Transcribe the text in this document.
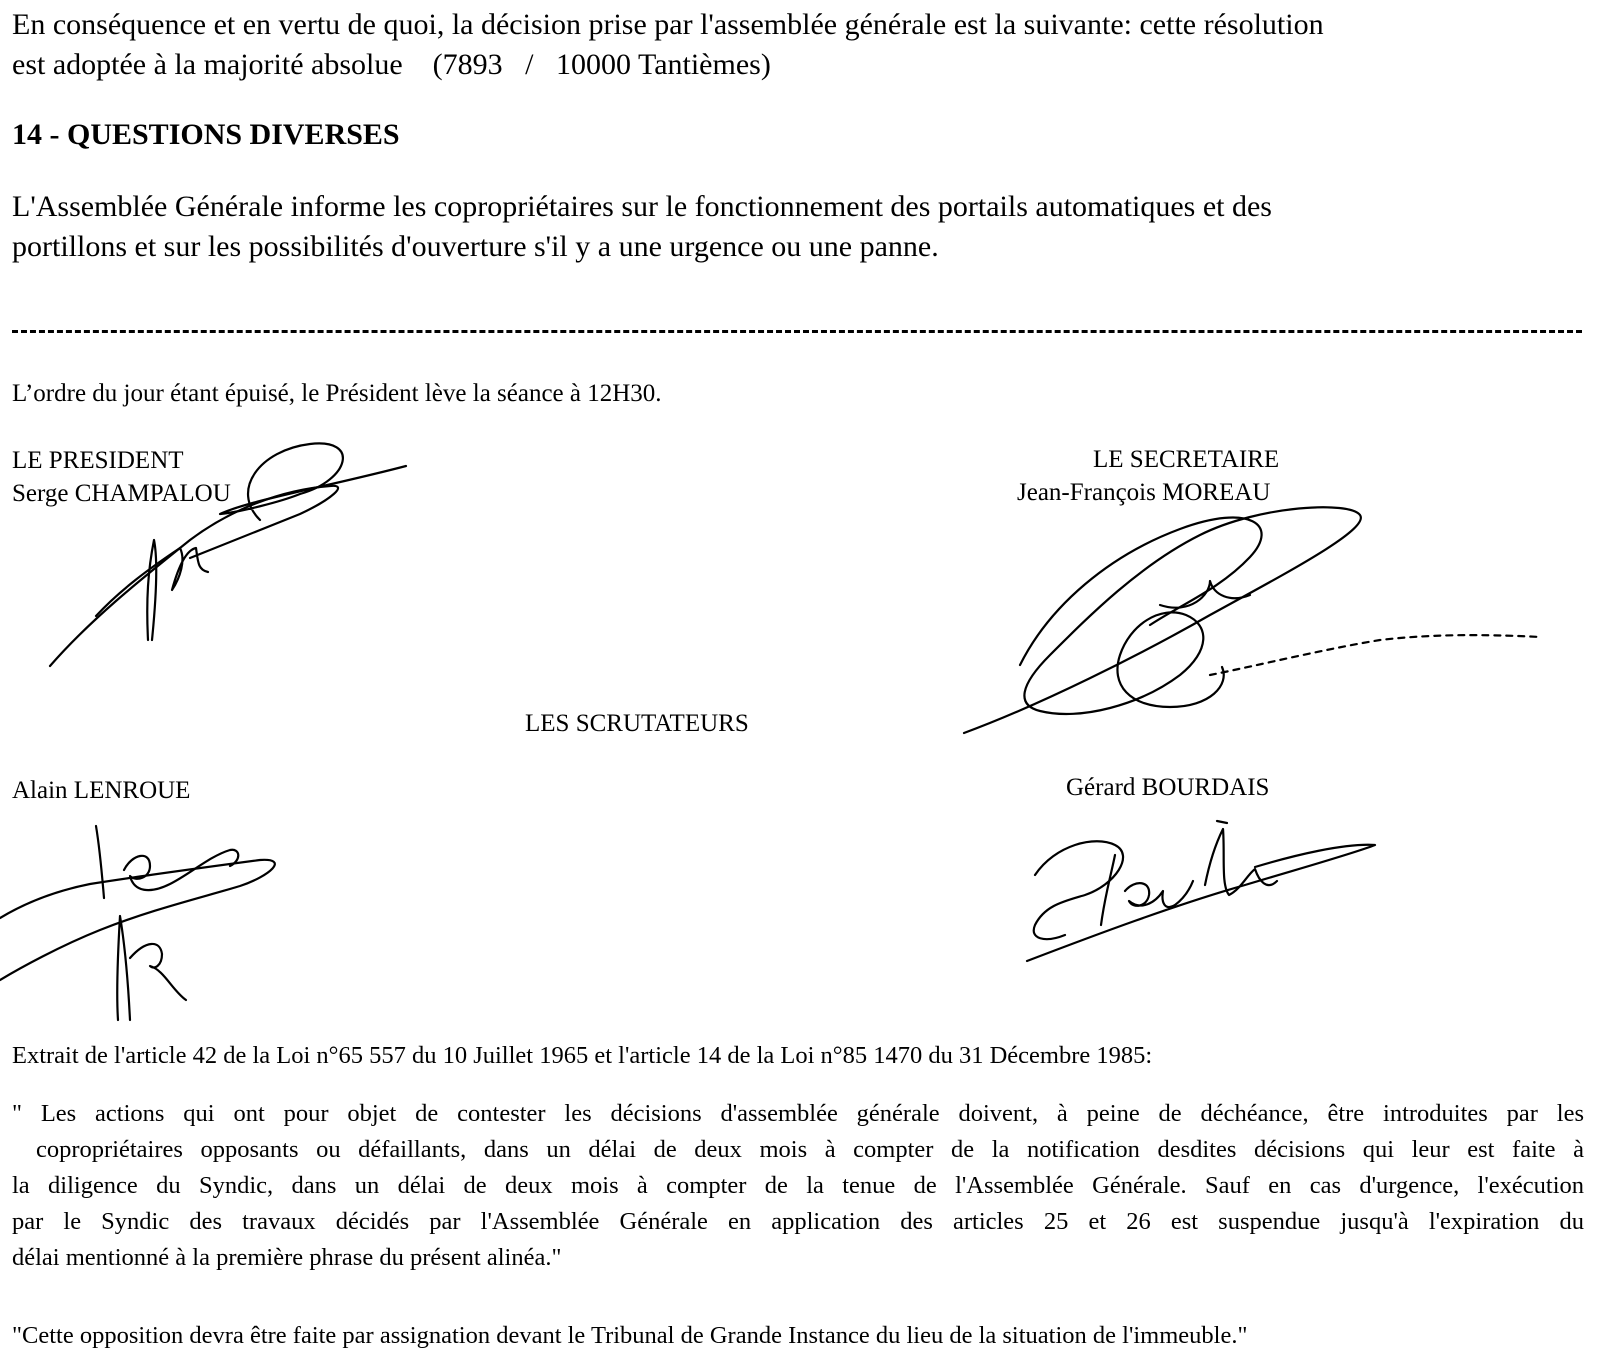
En conséquence et en vertu de quoi, la décision prise par l'assemblée générale est la suivante: cette résolution
est adoptée à la majorité absolue    (7893   /   10000 Tantièmes)
14 - QUESTIONS DIVERSES
L'Assemblée Générale informe les copropriétaires sur le fonctionnement des portails automatiques et des
portillons et sur les possibilités d'ouverture s'il y a une urgence ou une panne.
L’ordre du jour étant épuisé, le Président lève la séance à 12H30.
LE PRESIDENT
Serge CHAMPALOU
LE SECRETAIRE
Jean-François MOREAU
LES SCRUTATEURS
Alain LENROUE	Gérard BOURDAIS
Extrait de l'article 42 de la Loi n°65 557 du 10 Juillet 1965 et l'article 14 de la Loi n°85 1470 du 31 Décembre 1985:
" Les actions qui ont pour objet de contester les décisions d'assemblée générale doivent, à peine de déchéance, être introduites par les
copropriétaires opposants ou défaillants, dans un délai de deux mois à compter de la notification desdites décisions qui leur est faite à
la diligence du Syndic, dans un délai de deux mois à compter de la tenue de l'Assemblée Générale. Sauf en cas d'urgence, l'exécution
par le Syndic des travaux décidés par l'Assemblée Générale en application des articles 25 et 26 est suspendue jusqu'à l'expiration du
délai mentionné à la première phrase du présent alinéa."
"Cette opposition devra être faite par assignation devant le Tribunal de Grande Instance du lieu de la situation de l'immeuble."
